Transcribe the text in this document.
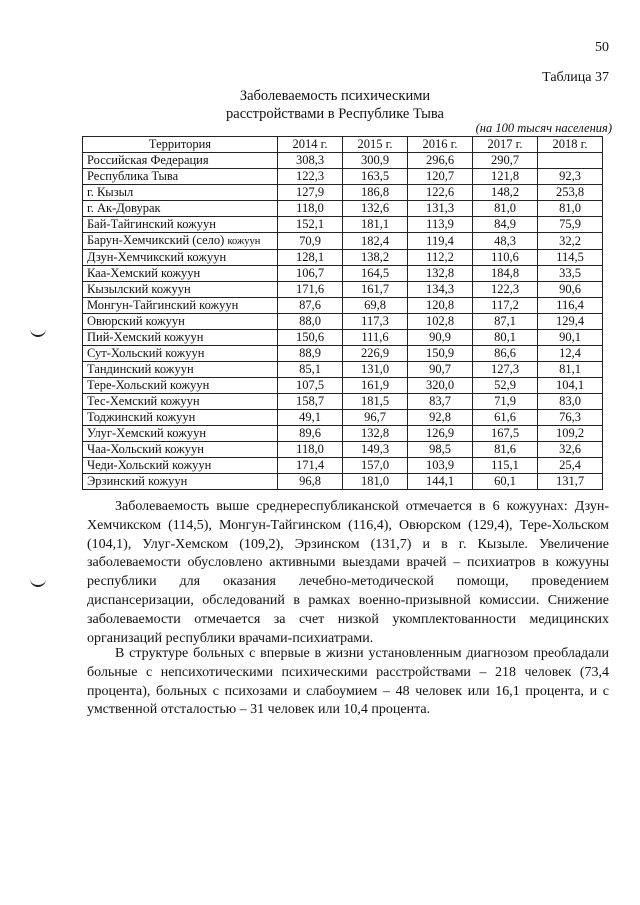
50
Таблица 37
Заболеваемость психическими
расстройствами в Республике Тыва
(на 100 тысяч населения)
Территория	2014 г.	2015 г.	2016 г.	2017 г.	2018 г.
Российская Федерация	308,3	300,9	296,6	290,7	
Республика Тыва	122,3	163,5	120,7	121,8	92,3
г. Кызыл	127,9	186,8	122,6	148,2	253,8
г. Ак-Довурак	118,0	132,6	131,3	81,0	81,0
Бай-Тайгинский кожуун	152,1	181,1	113,9	84,9	75,9
Барун-Хемчикский (село) кожуун	70,9	182,4	119,4	48,3	32,2
Дзун-Хемчикский кожуун	128,1	138,2	112,2	110,6	114,5
Каа-Хемский кожуун	106,7	164,5	132,8	184,8	33,5
Кызылский кожуун	171,6	161,7	134,3	122,3	90,6
Монгун-Тайгинский кожуун	87,6	69,8	120,8	117,2	116,4
Овюрский кожуун	88,0	117,3	102,8	87,1	129,4
Пий-Хемский кожуун	150,6	111,6	90,9	80,1	90,1
Сут-Хольский кожуун	88,9	226,9	150,9	86,6	12,4
Тандинский кожуун	85,1	131,0	90,7	127,3	81,1
Тере-Хольский кожуун	107,5	161,9	320,0	52,9	104,1
Тес-Хемский кожуун	158,7	181,5	83,7	71,9	83,0
Тоджинский кожуун	49,1	96,7	92,8	61,6	76,3
Улуг-Хемский кожуун	89,6	132,8	126,9	167,5	109,2
Чаа-Хольский кожуун	118,0	149,3	98,5	81,6	32,6
Чеди-Хольский кожуун	171,4	157,0	103,9	115,1	25,4
Эрзинский кожуун	96,8	181,0	144,1	60,1	131,7
Заболеваемость выше среднереспубликанской отмечается в 6 кожуунах: Дзун-Хемчикском (114,5), Монгун-Тайгинском (116,4), Овюрском (129,4), Тере-Хольском (104,1), Улуг-Хемском (109,2), Эрзинском (131,7) и в г. Кызыле. Увеличение заболеваемости обусловлено активными выездами врачей – психиатров в кожууны республики для оказания лечебно-методической помощи, проведением диспансеризации, обследований в рамках военно-призывной комиссии. Снижение заболеваемости отмечается за счет низкой укомплектованности медицинских организаций республики врачами-психиатрами.
В структуре больных с впервые в жизни установленным диагнозом преобладали больные с непсихотическими психическими расстройствами – 218 человек (73,4 процента), больных с психозами и слабоумием – 48 человек или 16,1 процента, и с умственной отсталостью – 31 человек или 10,4 процента.
